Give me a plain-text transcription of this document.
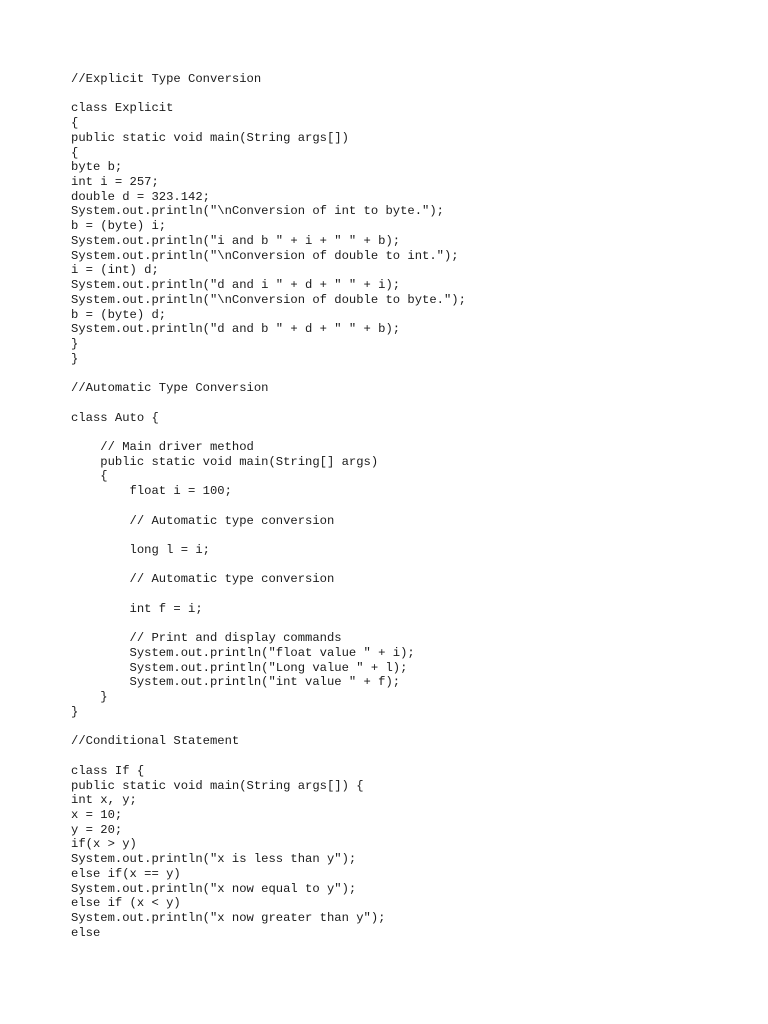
//Explicit Type Conversion
class Explicit
{
public static void main(String args[])
{
byte b;
int i = 257;
double d = 323.142;
System.out.println("\nConversion of int to byte.");
b = (byte) i;
System.out.println("i and b " + i + " " + b);
System.out.println("\nConversion of double to int.");
i = (int) d;
System.out.println("d and i " + d + " " + i);
System.out.println("\nConversion of double to byte.");
b = (byte) d;
System.out.println("d and b " + d + " " + b);
}
}
//Automatic Type Conversion
class Auto {
// Main driver method
public static void main(String[] args)
{
float i = 100;
// Automatic type conversion
long l = i;
// Automatic type conversion
int f = i;
// Print and display commands
System.out.println("float value " + i);
System.out.println("Long value " + l);
System.out.println("int value " + f);
}
}
//Conditional Statement
class If {
public static void main(String args[]) {
int x, y;
x = 10;
y = 20;
if(x > y)
System.out.println("x is less than y");
else if(x == y)
System.out.println("x now equal to y");
else if (x < y)
System.out.println("x now greater than y");
else
